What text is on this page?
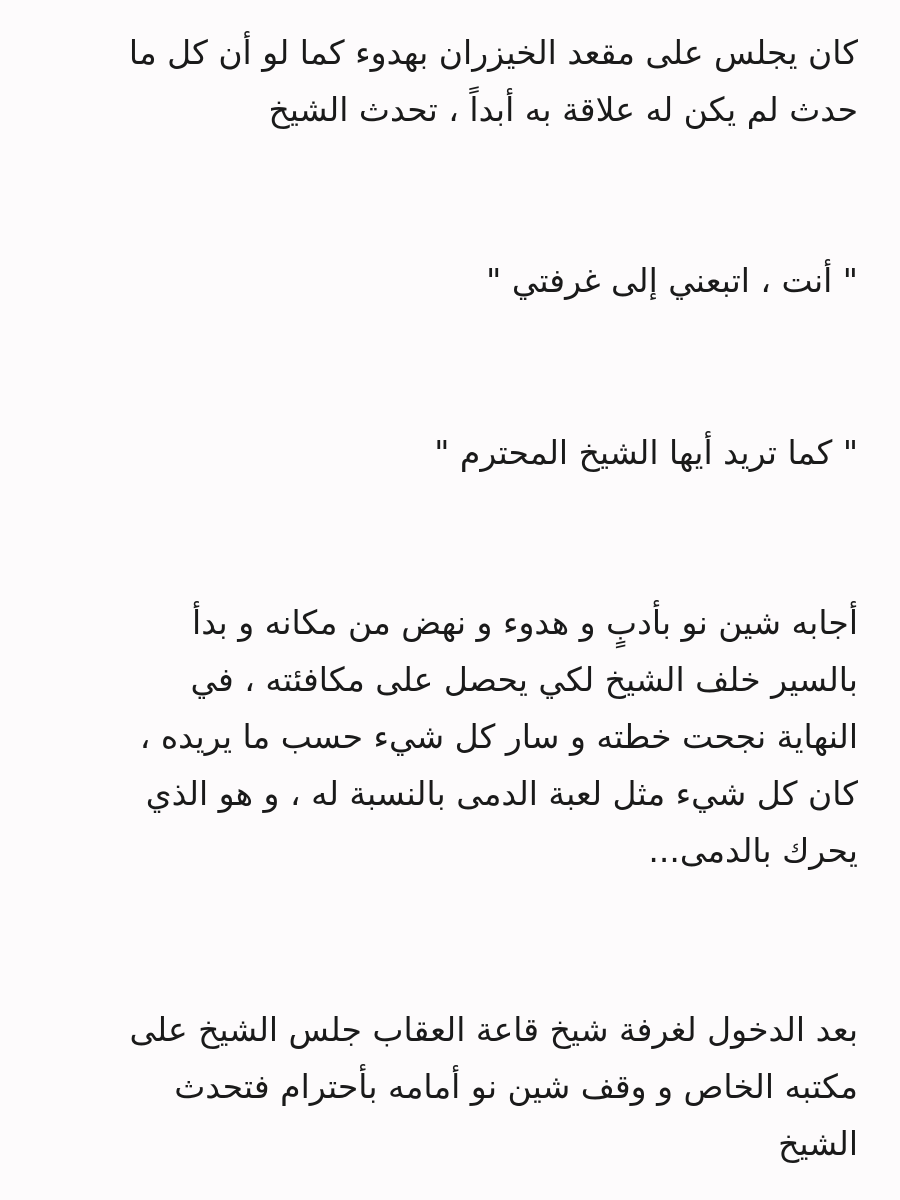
كان يجلس على مقعد الخيزران بهدوء كما لو أن كل ما
حدث لم يكن له علاقة به أبداً ، تحدث الشيخ

" أنت ، اتبعني إلى غرفتي "

" كما تريد أيها الشيخ المحترم "

أجابه شين نو بأدبٍ و هدوء و نهض من مكانه و بدأ
بالسير خلف الشيخ لكي يحصل على مكافئته ، في
النهاية نجحت خطته و سار كل شيء حسب ما يريده ،
كان كل شيء مثل لعبة الدمى بالنسبة له ، و هو الذي
يحرك بالدمى...

بعد الدخول لغرفة شيخ قاعة العقاب جلس الشيخ على
مكتبه الخاص و وقف شين نو أمامه بأحترام فتحدث
الشيخ
